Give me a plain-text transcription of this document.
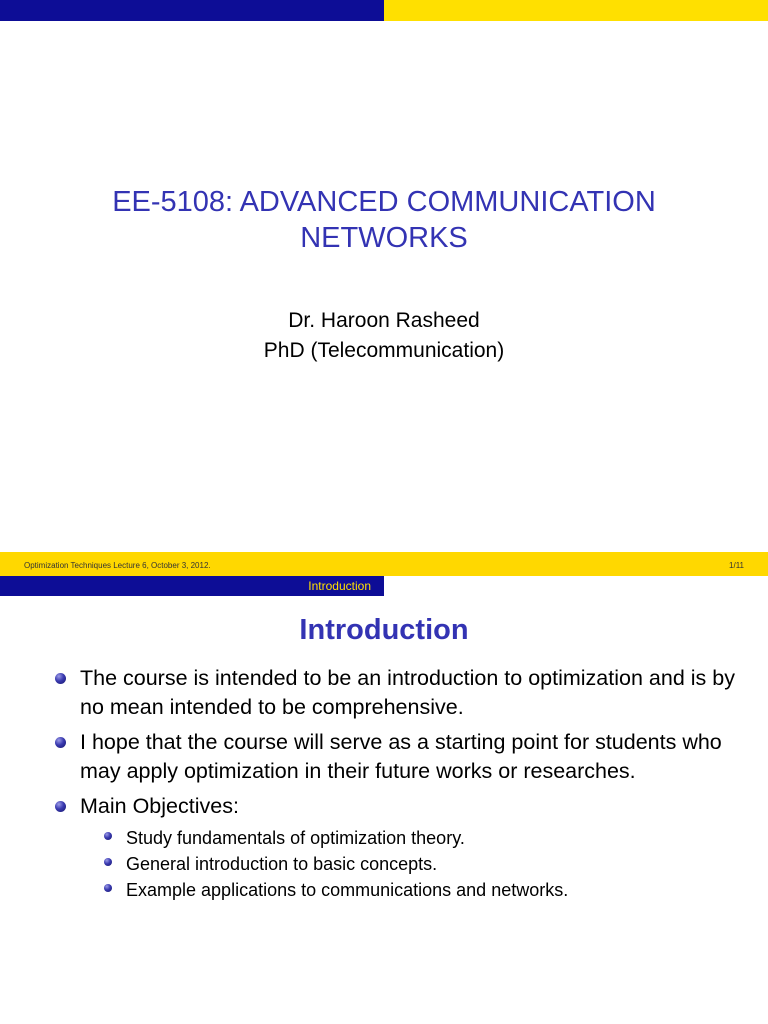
EE-5108: ADVANCED COMMUNICATION
NETWORKS
Dr. Haroon Rasheed
PhD (Telecommunication)
Optimization Techniques Lecture 6, October 3, 2012.	1/11
Introduction
Introduction
The course is intended to be an introduction to optimization and is by no mean intended to be comprehensive.
I hope that the course will serve as a starting point for students who may apply optimization in their future works or researches.
Main Objectives:
Study fundamentals of optimization theory.
General introduction to basic concepts.
Example applications to communications and networks.
